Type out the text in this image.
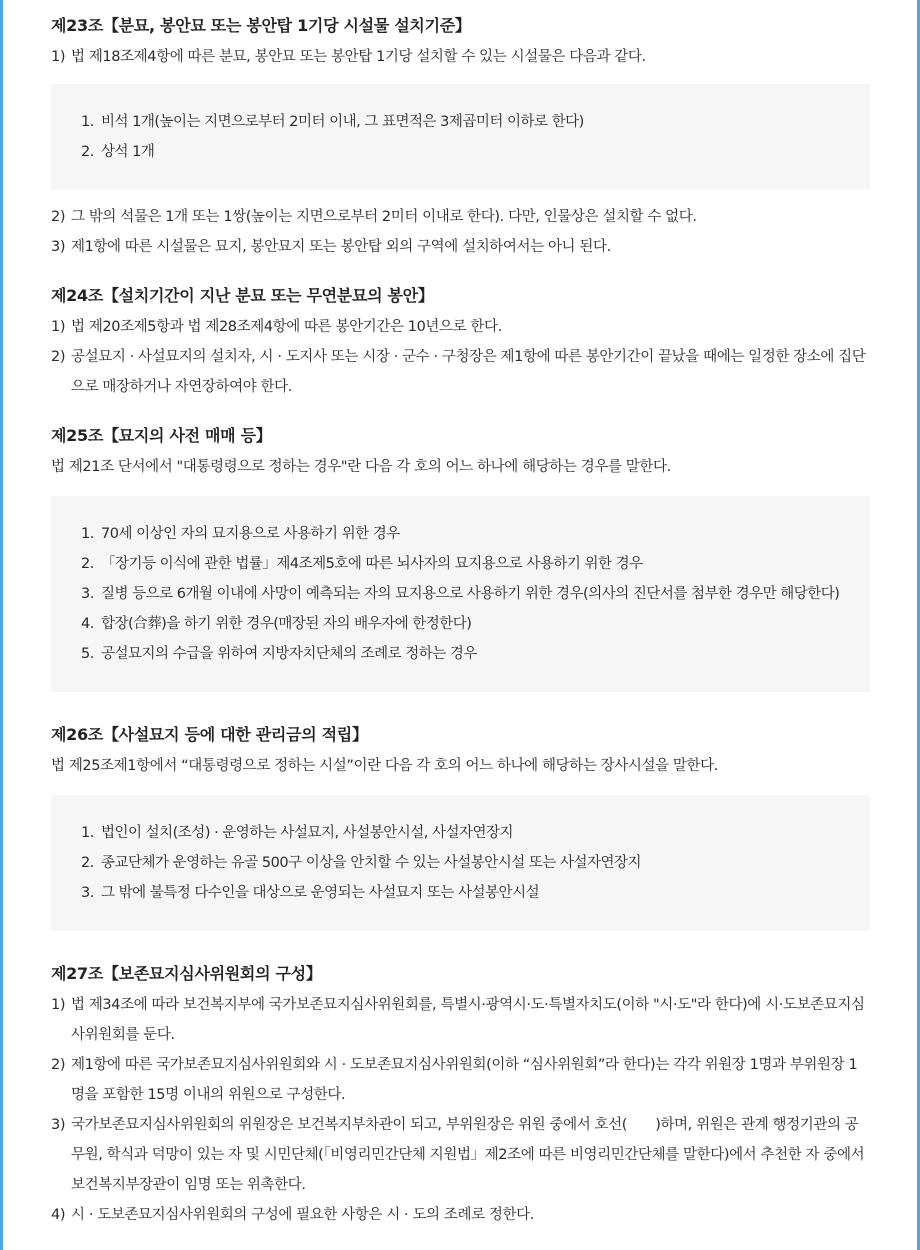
제23조【분묘, 봉안묘 또는 봉안탑 1기당 시설물 설치기준】

1) 법 제18조제4항에 따른 분묘, 봉안묘 또는 봉안탑 1기당 설치할 수 있는 시설물은 다음과 같다.

1. 비석 1개(높이는 지면으로부터 2미터 이내, 그 표면적은 3제곱미터 이하로 한다)
2. 상석 1개

2) 그 밖의 석물은 1개 또는 1쌍(높이는 지면으로부터 2미터 이내로 한다). 다만, 인물상은 설치할 수 없다.

3) 제1항에 따른 시설물은 묘지, 봉안묘지 또는 봉안탑 외의 구역에 설치하여서는 아니 된다.

제24조【설치기간이 지난 분묘 또는 무연분묘의 봉안】

1) 법 제20조제5항과 법 제28조제4항에 따른 봉안기간은 10년으로 한다.

2) 공설묘지 · 사설묘지의 설치자, 시 · 도지사 또는 시장 · 군수 · 구청장은 제1항에 따른 봉안기간이 끝났을 때에는 일정한 장소에 집단으로 매장하거나 자연장하여야 한다.

제25조【묘지의 사전 매매 등】

법 제21조 단서에서 "대통령령으로 정하는 경우"란 다음 각 호의 어느 하나에 해당하는 경우를 말한다.

1. 70세 이상인 자의 묘지용으로 사용하기 위한 경우
2. 「장기등 이식에 관한 법률」제4조제5호에 따른 뇌사자의 묘지용으로 사용하기 위한 경우
3. 질병 등으로 6개월 이내에 사망이 예측되는 자의 묘지용으로 사용하기 위한 경우(의사의 진단서를 첨부한 경우만 해당한다)
4. 합장(合葬)을 하기 위한 경우(매장된 자의 배우자에 한정한다)
5. 공설묘지의 수급을 위하여 지방자치단체의 조례로 정하는 경우
제26조【사설묘지 등에 대한 관리금의 적립】

법 제25조제1항에서 “대통령령으로 정하는 시설”이란 다음 각 호의 어느 하나에 해당하는 장사시설을 말한다.

1. 법인이 설치(조성) · 운영하는 사설묘지, 사설봉안시설, 사설자연장지
2. 종교단체가 운영하는 유골 500구 이상을 안치할 수 있는 사설봉안시설 또는 사설자연장지
3. 그 밖에 불특정 다수인을 대상으로 운영되는 사설묘지 또는 사설봉안시설
제27조【보존묘지심사위원회의 구성】

1) 법 제34조에 따라 보건복지부에 국가보존묘지심사위원회를, 특별시·광역시·도·특별자치도(이하 "시·도"라 한다)에 시·도보존묘지심사위원회를 둔다.

2) 제1항에 따른 국가보존묘지심사위원회와 시 · 도보존묘지심사위원회(이하 “심사위원회”라 한다)는 각각 위원장 1명과 부위원장 1명을 포함한 15명 이내의 위원으로 구성한다.

3) 국가보존묘지심사위원회의 위원장은 보건복지부차관이 되고, 부위원장은 위원 중에서 호선(　　)하며, 위원은 관계 행정기관의 공무원, 학식과 덕망이 있는 자 및 시민단체(「비영리민간단체 지원법」제2조에 따른 비영리민간단체를 말한다)에서 추천한 자 중에서 보건복지부장관이 임명 또는 위촉한다.

4) 시 · 도보존묘지심사위원회의 구성에 필요한 사항은 시 · 도의 조례로 정한다.
